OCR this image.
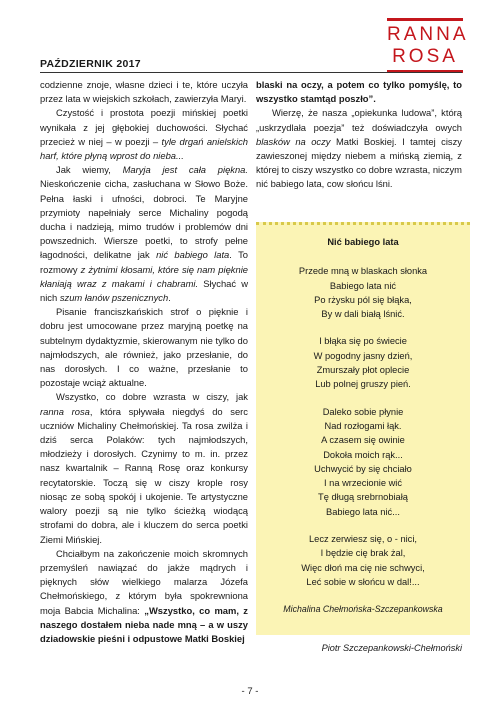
RANNA
ROSA
PAŹDZIERNIK 2017

codzienne znoje, własne dzieci i te, które uczyła przez lata w wiejskich szkołach, zawierzyła Maryi.

Czystość i prostota poezji mińskiej poetki wynikała z jej głębokiej duchowości. Słychać przecież w niej – w poezji – tyle drgań anielskich harf, które płyną wprost do nieba...

Jak wiemy, Maryja jest cała piękna. Nieskończenie cicha, zasłuchana w Słowo Boże. Pełna łaski i ufności, dobroci. Te Maryjne przymioty napełniały serce Michaliny pogodą ducha i nadzieją, mimo trudów i problemów dni powszednich. Wiersze poetki, to strofy pełne łagodności, delikatne jak nić babiego lata. To rozmowy z żytnimi kłosami, które się nam pięknie kłaniają wraz z makami i chabrami. Słychać w nich szum łanów pszenicznych.

Pisanie franciszkańskich strof o pięknie i dobru jest umocowane przez maryjną poetkę na subtelnym dydaktyzmie, skierowanym nie tylko do najmłodszych, ale również, jako przesłanie, do nas dorosłych. I co ważne, przesłanie to pozostaje wciąż aktualne.

Wszystko, co dobre wzrasta w ciszy, jak ranna rosa, która spływała niegdyś do serc uczniów Michaliny Chełmońskiej. Ta rosa zwilża i dziś serca Polaków: tych najmłodszych, młodzieży i dorosłych. Czynimy to m. in. przez nasz kwartalnik – Ranną Rosę oraz konkursy recytatorskie. Toczą się w ciszy krople rosy niosąc ze sobą spokój i ukojenie. Te artystyczne walory poezji są nie tylko ścieżką wiodącą strofami do dobra, ale i kluczem do serca poetki Ziemi Mińskiej.

Chciałbym na zakończenie moich skromnych przemyśleń nawiązać do jakże mądrych i pięknych słów wielkiego malarza Józefa Chełmońskiego, z którym była spokrewniona moja Babcia Michalina: „Wszystko, co mam, z naszego dostałem nieba nade mną – a w uszy dziadowskie pieśni i odpustowe Matki Boskiej

blaski na oczy, a potem co tylko pomyślę, to wszystko stamtąd poszło”.

Wierzę, że nasza „opiekunka ludowa”, którą „uskrzydlała poezja” też doświadczyła owych blasków na oczy Matki Boskiej. I tamtej ciszy zawieszonej między niebem a mińską ziemią, z której to ciszy wszystko co dobre wzrasta, niczym nić babiego lata, cow słońcu lśni.

Nić babiego lata
Przede mną w blaskach słonka
Babiego lata nić
Po rżysku pól się błąka,
By w dali białą lśnić.
I błąka się po świecie
W pogodny jasny dzień,
Zmurszały płot oplecie
Lub polnej gruszy pień.
Daleko sobie płynie
Nad rozłogami łąk.
A czasem się owinie
Dokoła moich rąk...
Uchwycić by się chciało
I na wrzecionie wić
Tę długą srebrnobiałą
Babiego lata nić...
Lecz zerwiesz się, o - nici,
I będzie cię brak żal,
Więc dłoń ma cię nie schwyci,
Leć sobie w słońcu w dal!...
Michalina Chełmońska-Szczepankowska
Piotr Szczepankowski-Chełmoński
- 7 -
